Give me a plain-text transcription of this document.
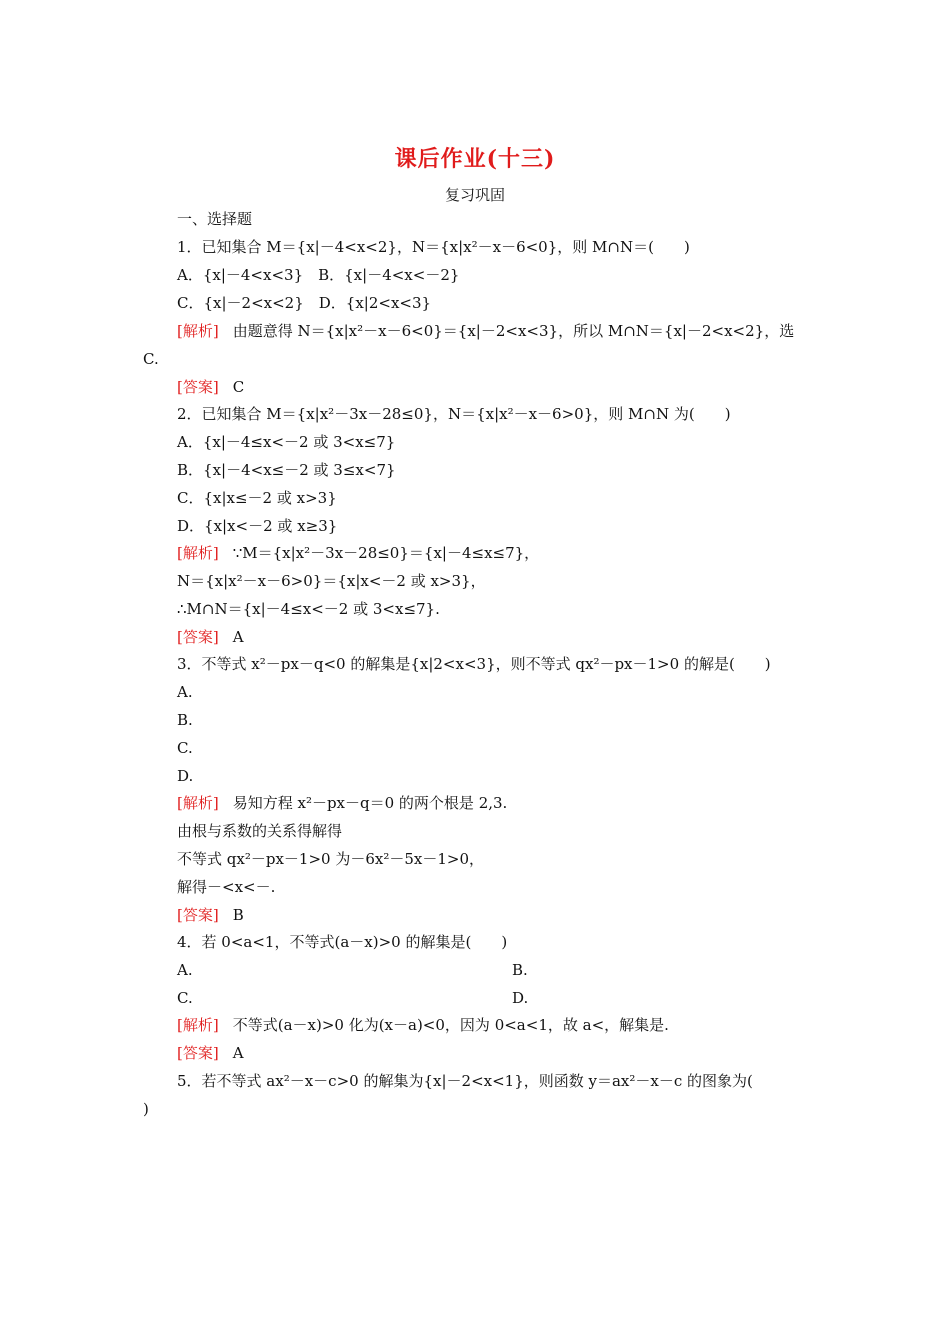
课后作业(十三)
复习巩固
一、选择题
1．已知集合 M＝{x|－4<x<2}，N＝{x|x²－x－6<0}，则 M∩N＝(　　)
A．{x|－4<x<3}　B．{x|－4<x<－2}
C．{x|－2<x<2}　D．{x|2<x<3}
[解析] 由题意得 N＝{x|x²－x－6<0}＝{x|－2<x<3}，所以 M∩N＝{x|－2<x<2}，选
C.
[答案] C
2．已知集合 M＝{x|x²－3x－28≤0}，N＝{x|x²－x－6>0}，则 M∩N 为(　　)
A．{x|－4≤x<－2 或 3<x≤7}
B．{x|－4<x≤－2 或 3≤x<7}
C．{x|x≤－2 或 x>3}
D．{x|x<－2 或 x≥3}
[解析] ∵M＝{x|x²－3x－28≤0}＝{x|－4≤x≤7}，
N＝{x|x²－x－6>0}＝{x|x<－2 或 x>3}，
∴M∩N＝{x|－4≤x<－2 或 3<x≤7}.
[答案] A
3．不等式 x²－px－q<0 的解集是{x|2<x<3}，则不等式 qx²－px－1>0 的解是(　　)
A.
B.
C.
D.
[解析] 易知方程 x²－px－q＝0 的两个根是 2,3.
由根与系数的关系得解得
不等式 qx²－px－1>0 为－6x²－5x－1>0，
解得－<x<－.
[答案] B
4．若 0<a<1，不等式(a－x)>0 的解集是(　　)
A.	B.
C.	D.
[解析] 不等式(a－x)>0 化为(x－a)<0，因为 0<a<1，故 a<，解集是.
[答案] A
5．若不等式 ax²－x－c>0 的解集为{x|－2<x<1}，则函数 y＝ax²－x－c 的图象为(
)
